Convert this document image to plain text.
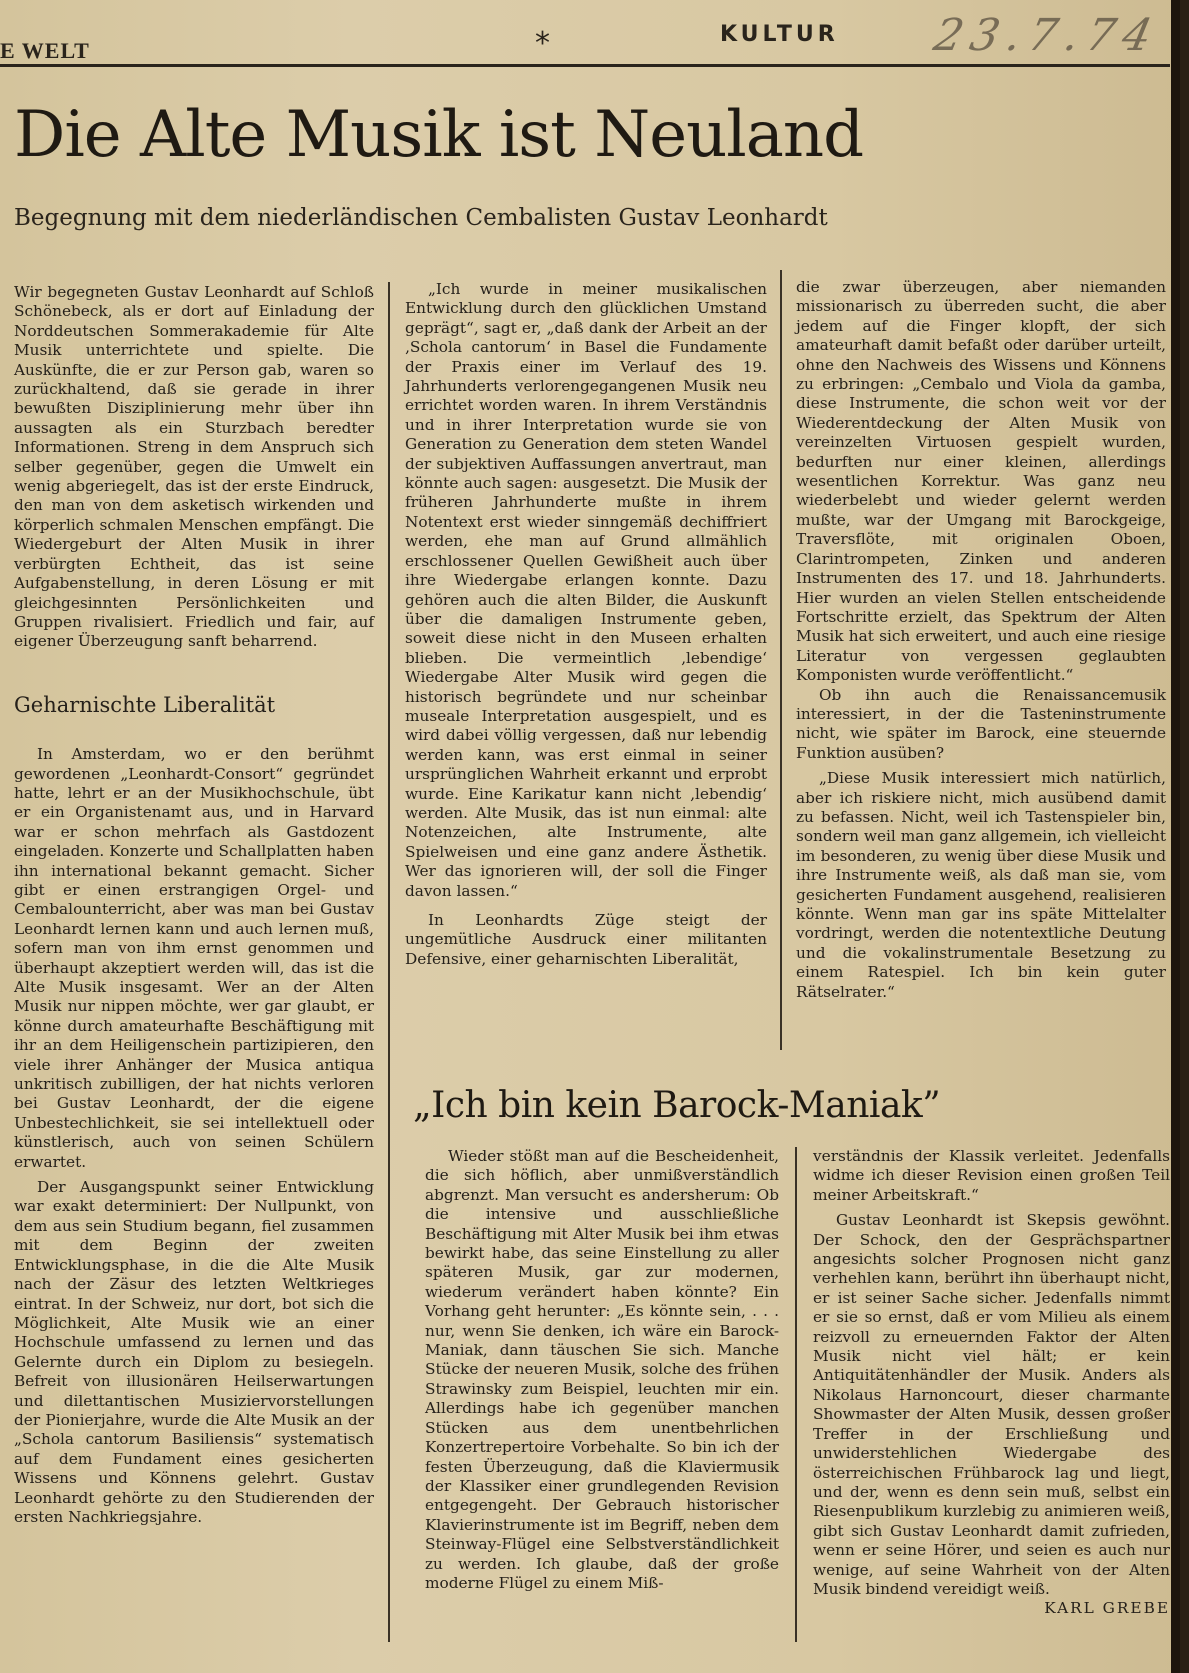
E WELT	*	KULTUR 23.7.74
Die Alte Musik ist Neuland
Begegnung mit dem niederländischen Cembalisten Gustav Leonhardt

Wir begegneten Gustav Leonhardt auf Schloß Schönebeck, als er dort auf Einladung der Norddeutschen Sommerakademie für Alte Musik unterrichtete und spielte. Die Auskünfte, die er zur Person gab, waren so zurückhaltend, daß sie gerade in ihrer bewußten Disziplinierung mehr über ihn aussagten als ein Sturzbach beredter Informationen. Streng in dem Anspruch sich selber gegenüber, gegen die Umwelt ein wenig abgeriegelt, das ist der erste Eindruck, den man von dem asketisch wirkenden und körperlich schmalen Menschen empfängt. Die Wiedergeburt der Alten Musik in ihrer verbürgten Echtheit, das ist seine Aufgabenstellung, in deren Lösung er mit gleichgesinnten Persönlichkeiten und Gruppen rivalisiert. Friedlich und fair, auf eigener Überzeugung sanft beharrend.

Geharnischte Liberalität

In Amsterdam, wo er den berühmt gewordenen „Leonhardt-Consort“ gegründet hatte, lehrt er an der Musikhochschule, übt er ein Organistenamt aus, und in Harvard war er schon mehrfach als Gastdozent eingeladen. Konzerte und Schallplatten haben ihn international bekannt gemacht. Sicher gibt er einen erstrangigen Orgel- und Cembalounterricht, aber was man bei Gustav Leonhardt lernen kann und auch lernen muß, sofern man von ihm ernst genommen und überhaupt akzeptiert werden will, das ist die Alte Musik insgesamt. Wer an der Alten Musik nur nippen möchte, wer gar glaubt, er könne durch amateurhafte Beschäftigung mit ihr an dem Heiligenschein partizipieren, den viele ihrer Anhänger der Musica antiqua unkritisch zubilligen, der hat nichts verloren bei Gustav Leonhardt, der die eigene Unbestechlichkeit, sie sei intellektuell oder künstlerisch, auch von seinen Schülern erwartet.

Der Ausgangspunkt seiner Entwicklung war exakt determiniert: Der Nullpunkt, von dem aus sein Studium begann, fiel zusammen mit dem Beginn der zweiten Entwicklungsphase, in die die Alte Musik nach der Zäsur des letzten Weltkrieges eintrat. In der Schweiz, nur dort, bot sich die Möglichkeit, Alte Musik wie an einer Hochschule umfassend zu lernen und das Gelernte durch ein Diplom zu besiegeln. Befreit von illusionären Heilserwartungen und dilettantischen Musiziervorstellungen der Pionierjahre, wurde die Alte Musik an der „Schola cantorum Basiliensis“ systematisch auf dem Fundament eines gesicherten Wissens und Könnens gelehrt. Gustav Leonhardt gehörte zu den Studierenden der ersten Nachkriegsjahre.

„Ich wurde in meiner musikalischen Entwicklung durch den glücklichen Umstand geprägt“, sagt er, „daß dank der Arbeit an der ‚Schola cantorum‘ in Basel die Fundamente der Praxis einer im Verlauf des 19. Jahrhunderts verlorengegangenen Musik neu errichtet worden waren. In ihrem Verständnis und in ihrer Interpretation wurde sie von Generation zu Generation dem steten Wandel der subjektiven Auffassungen anvertraut, man könnte auch sagen: ausgesetzt. Die Musik der früheren Jahrhunderte mußte in ihrem Notentext erst wieder sinngemäß dechiffriert werden, ehe man auf Grund allmählich erschlossener Quellen Gewißheit auch über ihre Wiedergabe erlangen konnte. Dazu gehören auch die alten Bilder, die Auskunft über die damaligen Instrumente geben, soweit diese nicht in den Museen erhalten blieben. Die vermeintlich ‚lebendige‘ Wiedergabe Alter Musik wird gegen die historisch begründete und nur scheinbar museale Interpretation ausgespielt, und es wird dabei völlig vergessen, daß nur lebendig werden kann, was erst einmal in seiner ursprünglichen Wahrheit erkannt und erprobt wurde. Eine Karikatur kann nicht ‚lebendig‘ werden. Alte Musik, das ist nun einmal: alte Notenzeichen, alte Instrumente, alte Spielweisen und eine ganz andere Ästhetik. Wer das ignorieren will, der soll die Finger davon lassen.“

In Leonhardts Züge steigt der ungemütliche Ausdruck einer militanten Defensive, einer geharnischten Liberalität,

die zwar überzeugen, aber niemanden missionarisch zu überreden sucht, die aber jedem auf die Finger klopft, der sich amateurhaft damit befaßt oder darüber urteilt, ohne den Nachweis des Wissens und Könnens zu erbringen: „Cembalo und Viola da gamba, diese Instrumente, die schon weit vor der Wiederentdeckung der Alten Musik von vereinzelten Virtuosen gespielt wurden, bedurften nur einer kleinen, allerdings wesentlichen Korrektur. Was ganz neu wiederbelebt und wieder gelernt werden mußte, war der Umgang mit Barockgeige, Traversflöte, mit originalen Oboen, Clarintrompeten, Zinken und anderen Instrumenten des 17. und 18. Jahrhunderts. Hier wurden an vielen Stellen entscheidende Fortschritte erzielt, das Spektrum der Alten Musik hat sich erweitert, und auch eine riesige Literatur von vergessen geglaubten Komponisten wurde veröffentlicht.“

Ob ihn auch die Renaissancemusik interessiert, in der die Tasteninstrumente nicht, wie später im Barock, eine steuernde Funktion ausüben?

„Diese Musik interessiert mich natürlich, aber ich riskiere nicht, mich ausübend damit zu befassen. Nicht, weil ich Tastenspieler bin, sondern weil man ganz allgemein, ich vielleicht im besonderen, zu wenig über diese Musik und ihre Instrumente weiß, als daß man sie, vom gesicherten Fundament ausgehend, realisieren könnte. Wenn man gar ins späte Mittelalter vordringt, werden die notentextliche Deutung und die vokalinstrumentale Besetzung zu einem Ratespiel. Ich bin kein guter Rätselrater.“

„Ich bin kein Barock-Maniak”

Wieder stößt man auf die Bescheidenheit, die sich höflich, aber unmißverständlich abgrenzt. Man versucht es andersherum: Ob die intensive und ausschließliche Beschäftigung mit Alter Musik bei ihm etwas bewirkt habe, das seine Einstellung zu aller späteren Musik, gar zur modernen, wiederum verändert haben könnte? Ein Vorhang geht herunter: „Es könnte sein, . . . nur, wenn Sie denken, ich wäre ein Barock-Maniak, dann täuschen Sie sich. Manche Stücke der neueren Musik, solche des frühen Strawinsky zum Beispiel, leuchten mir ein. Allerdings habe ich gegenüber manchen Stücken aus dem unentbehrlichen Konzertrepertoire Vorbehalte. So bin ich der festen Überzeugung, daß die Klaviermusik der Klassiker einer grundlegenden Revision entgegengeht. Der Gebrauch historischer Klavierinstrumente ist im Begriff, neben dem Steinway-Flügel eine Selbstverständlichkeit zu werden. Ich glaube, daß der große moderne Flügel zu einem Miß-

verständnis der Klassik verleitet. Jedenfalls widme ich dieser Revision einen großen Teil meiner Arbeitskraft.“

Gustav Leonhardt ist Skepsis gewöhnt. Der Schock, den der Gesprächspartner angesichts solcher Prognosen nicht ganz verhehlen kann, berührt ihn überhaupt nicht, er ist seiner Sache sicher. Jedenfalls nimmt er sie so ernst, daß er vom Milieu als einem reizvoll zu erneuernden Faktor der Alten Musik nicht viel hält; er kein Antiquitätenhändler der Musik. Anders als Nikolaus Harnoncourt, dieser charmante Showmaster der Alten Musik, dessen großer Treffer in der Erschließung und unwiderstehlichen Wiedergabe des österreichischen Frühbarock lag und liegt, und der, wenn es denn sein muß, selbst ein Riesenpublikum kurzlebig zu animieren weiß, gibt sich Gustav Leonhardt damit zufrieden, wenn er seine Hörer, und seien es auch nur wenige, auf seine Wahrheit von der Alten Musik bindend vereidigt weiß.

KARL GREBE
